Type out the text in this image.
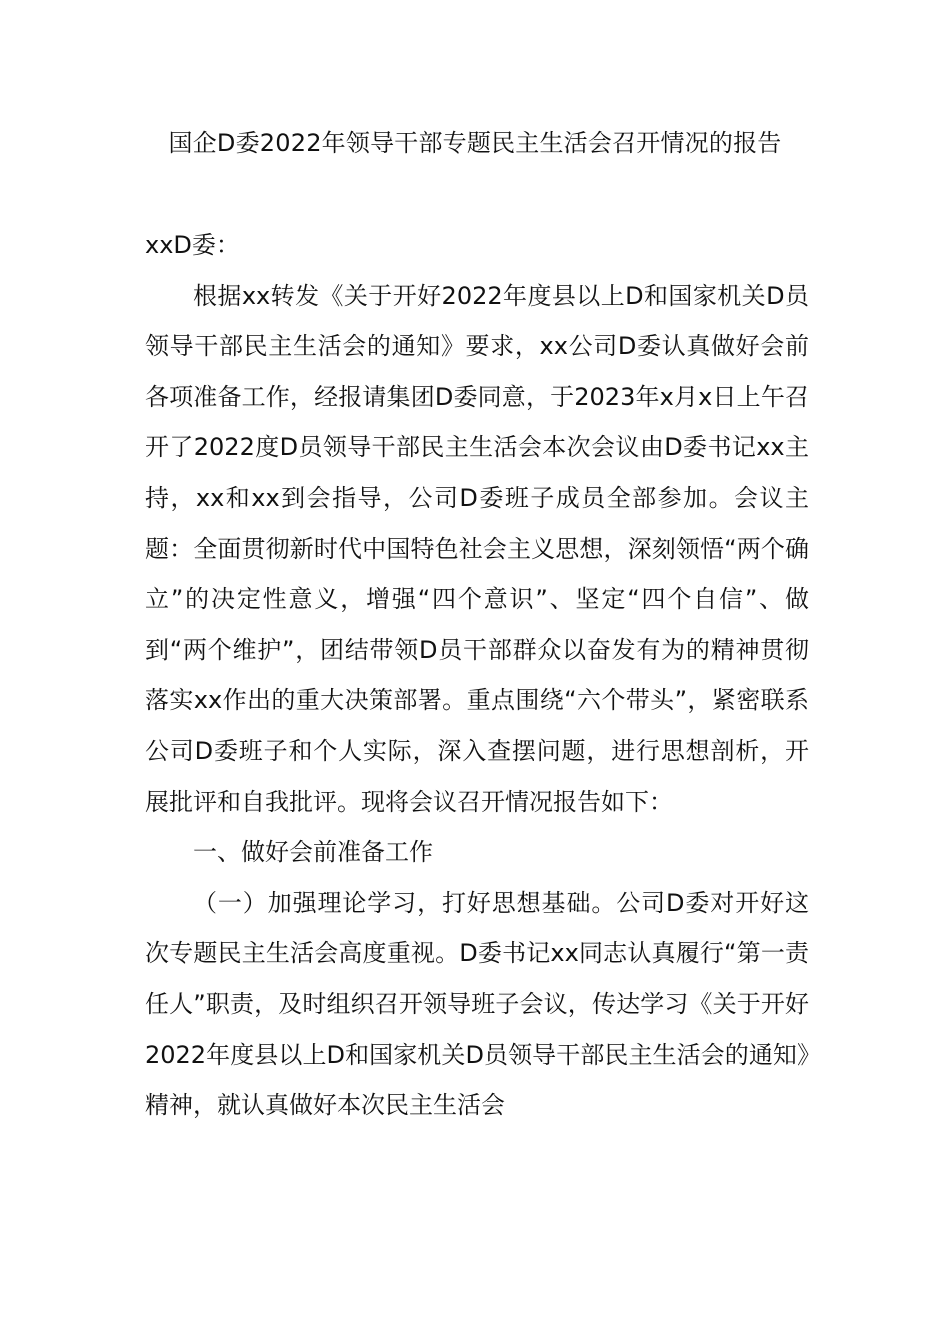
国企D委2022年领导干部专题民主生活会召开情况的报告

xxD委：

根据xx转发《关于开好2022年度县以上D和国家机关D员领导干部民主生活会的通知》要求，xx公司D委认真做好会前各项准备工作，经报请集团D委同意，于2023年x月x日上午召开了2022度D员领导干部民主生活会本次会议由D委书记xx主持，xx和xx到会指导，公司D委班子成员全部参加。会议主题：全面贯彻新时代中国特色社会主义思想，深刻领悟“两个确立”的决定性意义，增强“四个意识”、坚定“四个自信”、做到“两个维护”，团结带领D员干部群众以奋发有为的精神贯彻落实xx作出的重大决策部署。重点围绕“六个带头”，紧密联系公司D委班子和个人实际，深入查摆问题，进行思想剖析，开展批评和自我批评。现将会议召开情况报告如下：

一、做好会前准备工作

（一）加强理论学习，打好思想基础。公司D委对开好这次专题民主生活会高度重视。D委书记xx同志认真履行“第一责任人”职责，及时组织召开领导班子会议，传达学习《关于开好2022年度县以上D和国家机关D员领导干部民主生活会的通知》精神，就认真做好本次民主生活会
